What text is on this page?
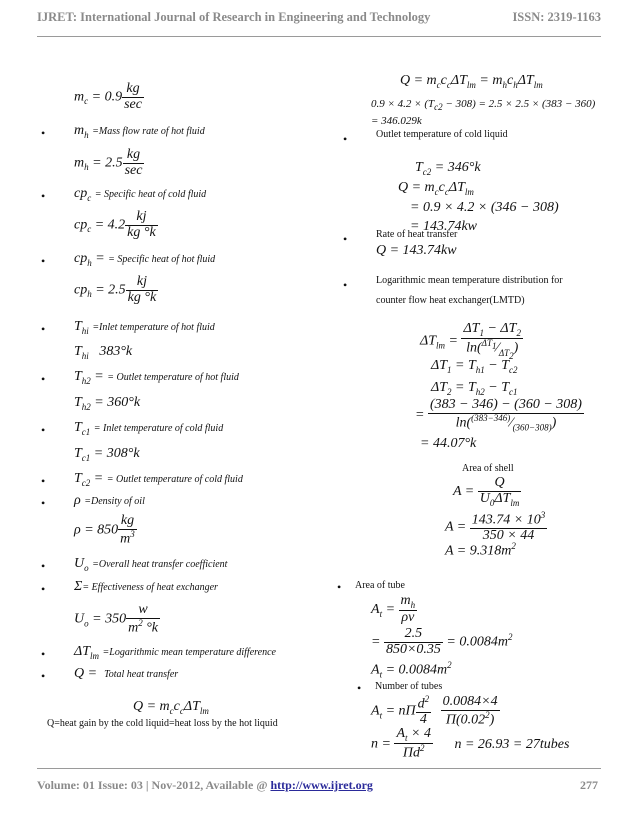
IJRET: International Journal of Research in Engineering and Technology	ISSN: 2319-1163
$m_c = 0.9 \frac{kg}{\sec}$
• $m_h$ =Mass flow rate of hot fluid
$m_h = 2.5 \frac{kg}{\sec}$
• $cp_c$ = Specific heat of cold fluid
$cp_c = 4.2 \frac{kj}{kg ^\circ k}$
• $cp_h$ = = Specific heat of hot fluid
$cp_h = 2.5 \frac{kj}{kg ^\circ k}$
• $T_{hi}$ =Inlet temperature of hot fluid
$T_{hi}$   383°k
• $T_{h2}$ = = Outlet temperature of hot fluid
$T_{h2} = 360^\circ k$
• $T_{c1}$ = Inlet temperature of cold fluid
$T_{c1} = 308^\circ k$
• $T_{c2}$ = = Outlet temperature of cold fluid
• ρ =Density of oil
$\rho = 850 \frac{kg}{m^3}$
• $U_o$ =Overall heat transfer coefficient
• Σ= Effectiveness of heat exchanger
$U_o = 350 \frac{w}{m^2 ^\circ k}$
• $\Delta T_{lm}$ =Logarithmic mean temperature difference
• Q =  Total heat transfer
$Q = m_cc_c\Delta T_{lm}$
Q=heat gain by the cold liquid=heat loss by the hot liquid
$Q = m_cc_c\Delta T_{lm} = m_hc_h\Delta T_{lm}$
$0.9 \times 4.2 \times (T_{c2} - 308) = 2.5 \times 2.5 \times (383 - 360)$
= 346.029k
•	Outlet temperature of cold liquid
$T_{c2} = 346^\circ k$
$Q = m_cc_c\Delta T_{lm}$
= 0.9 × 4.2 × (346 − 308)
= 143.74kw
•	Rate of heat transfer
Q = 143.74kw
•	Logarithmic mean temperature distribution for
counter flow heat exchanger(LMTD)
$\Delta T_{lm} = \frac{\Delta T_1 - \Delta T_2}{\ln(^{\Delta T_1}⁄_{\Delta T_2})}$
$\Delta T_1 = T_{h1} - T_{c2}$
$\Delta T_2 = T_{h2} - T_{c1}$
= $\frac{(383 - 346) - (360 - 308)}{\ln(^{(383-346)}⁄_{(360-308)})}$
= 44.07°k
Area of shell
$A = \frac{Q}{U_0\Delta T_{lm}}$
$A = \frac{143.74 \times 10^3}{350 \times 44}$
$A = 9.318m^2$
• Area of tube
$A_t = \frac{m_h}{\rho v}$
= $\frac{2.5}{850\times 0.35} = 0.0084m^2$
$A_t = 0.0084m^2$
• Number of tubes
$A_t = n\Pi \frac{d^2}{4}$
$\frac{0.0084\times 4}{\Pi(0.02^2)}$
$n = \frac{A_t \times 4}{\Pi d^2}$ n = 26.93 = 27tubes
Volume: 01 Issue: 03 | Nov-2012, Available @ http://www.ijret.org	277
